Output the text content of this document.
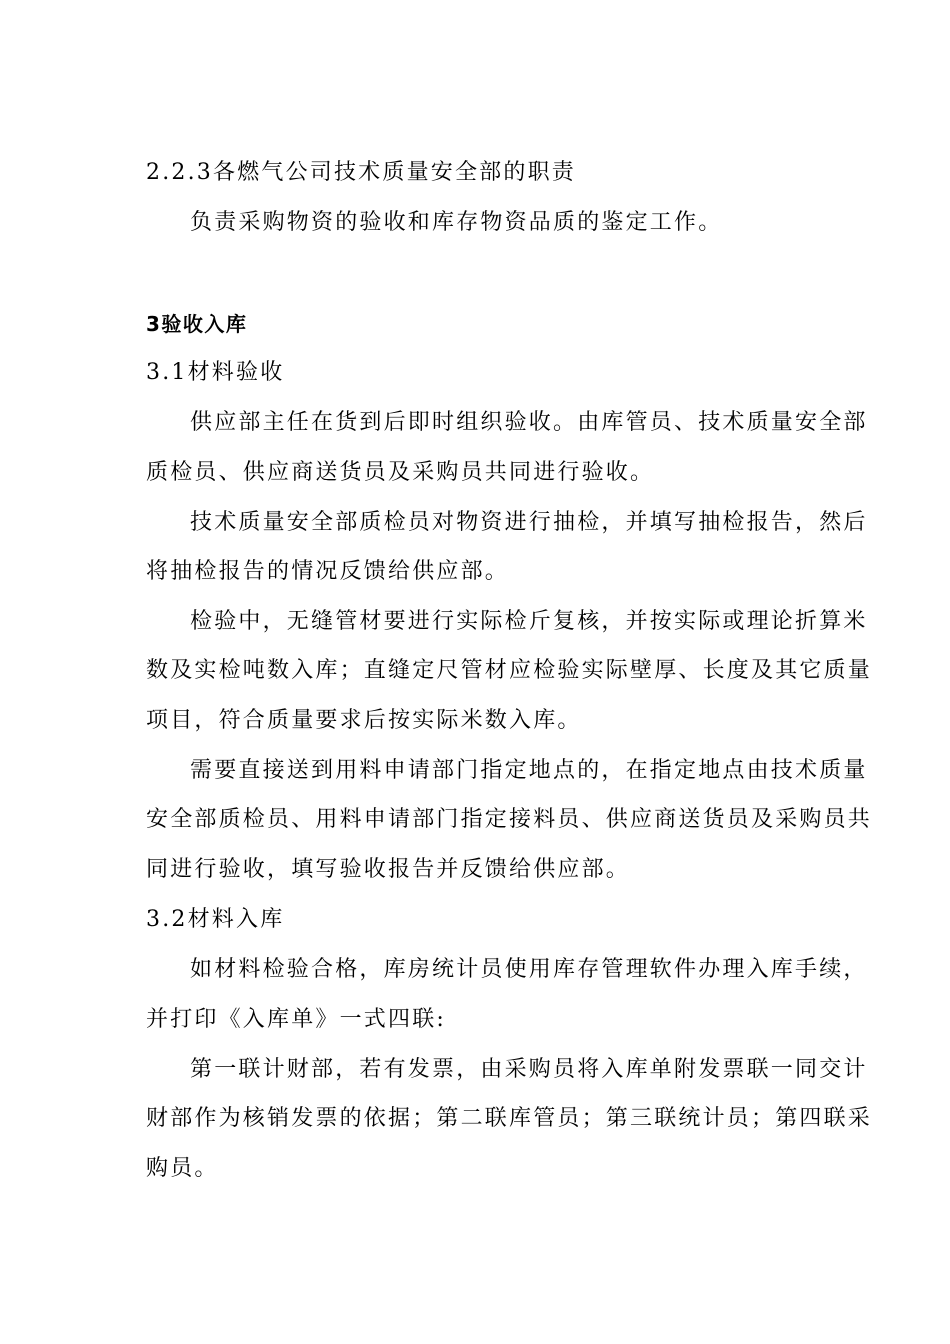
2.2.3各燃气公司技术质量安全部的职责
负责采购物资的验收和库存物资品质的鉴定工作。
3验收入库
3.1材料验收
供应部主任在货到后即时组织验收。由库管员、技术质量安全部
质检员、供应商送货员及采购员共同进行验收。
技术质量安全部质检员对物资进行抽检，并填写抽检报告，然后
将抽检报告的情况反馈给供应部。
检验中，无缝管材要进行实际检斤复核，并按实际或理论折算米
数及实检吨数入库；直缝定尺管材应检验实际壁厚、长度及其它质量
项目，符合质量要求后按实际米数入库。
需要直接送到用料申请部门指定地点的，在指定地点由技术质量
安全部质检员、用料申请部门指定接料员、供应商送货员及采购员共
同进行验收，填写验收报告并反馈给供应部。
3.2材料入库
如材料检验合格，库房统计员使用库存管理软件办理入库手续，
并打印《入库单》一式四联:
第一联计财部，若有发票，由采购员将入库单附发票联一同交计
财部作为核销发票的依据；第二联库管员；第三联统计员；第四联采
购员。
